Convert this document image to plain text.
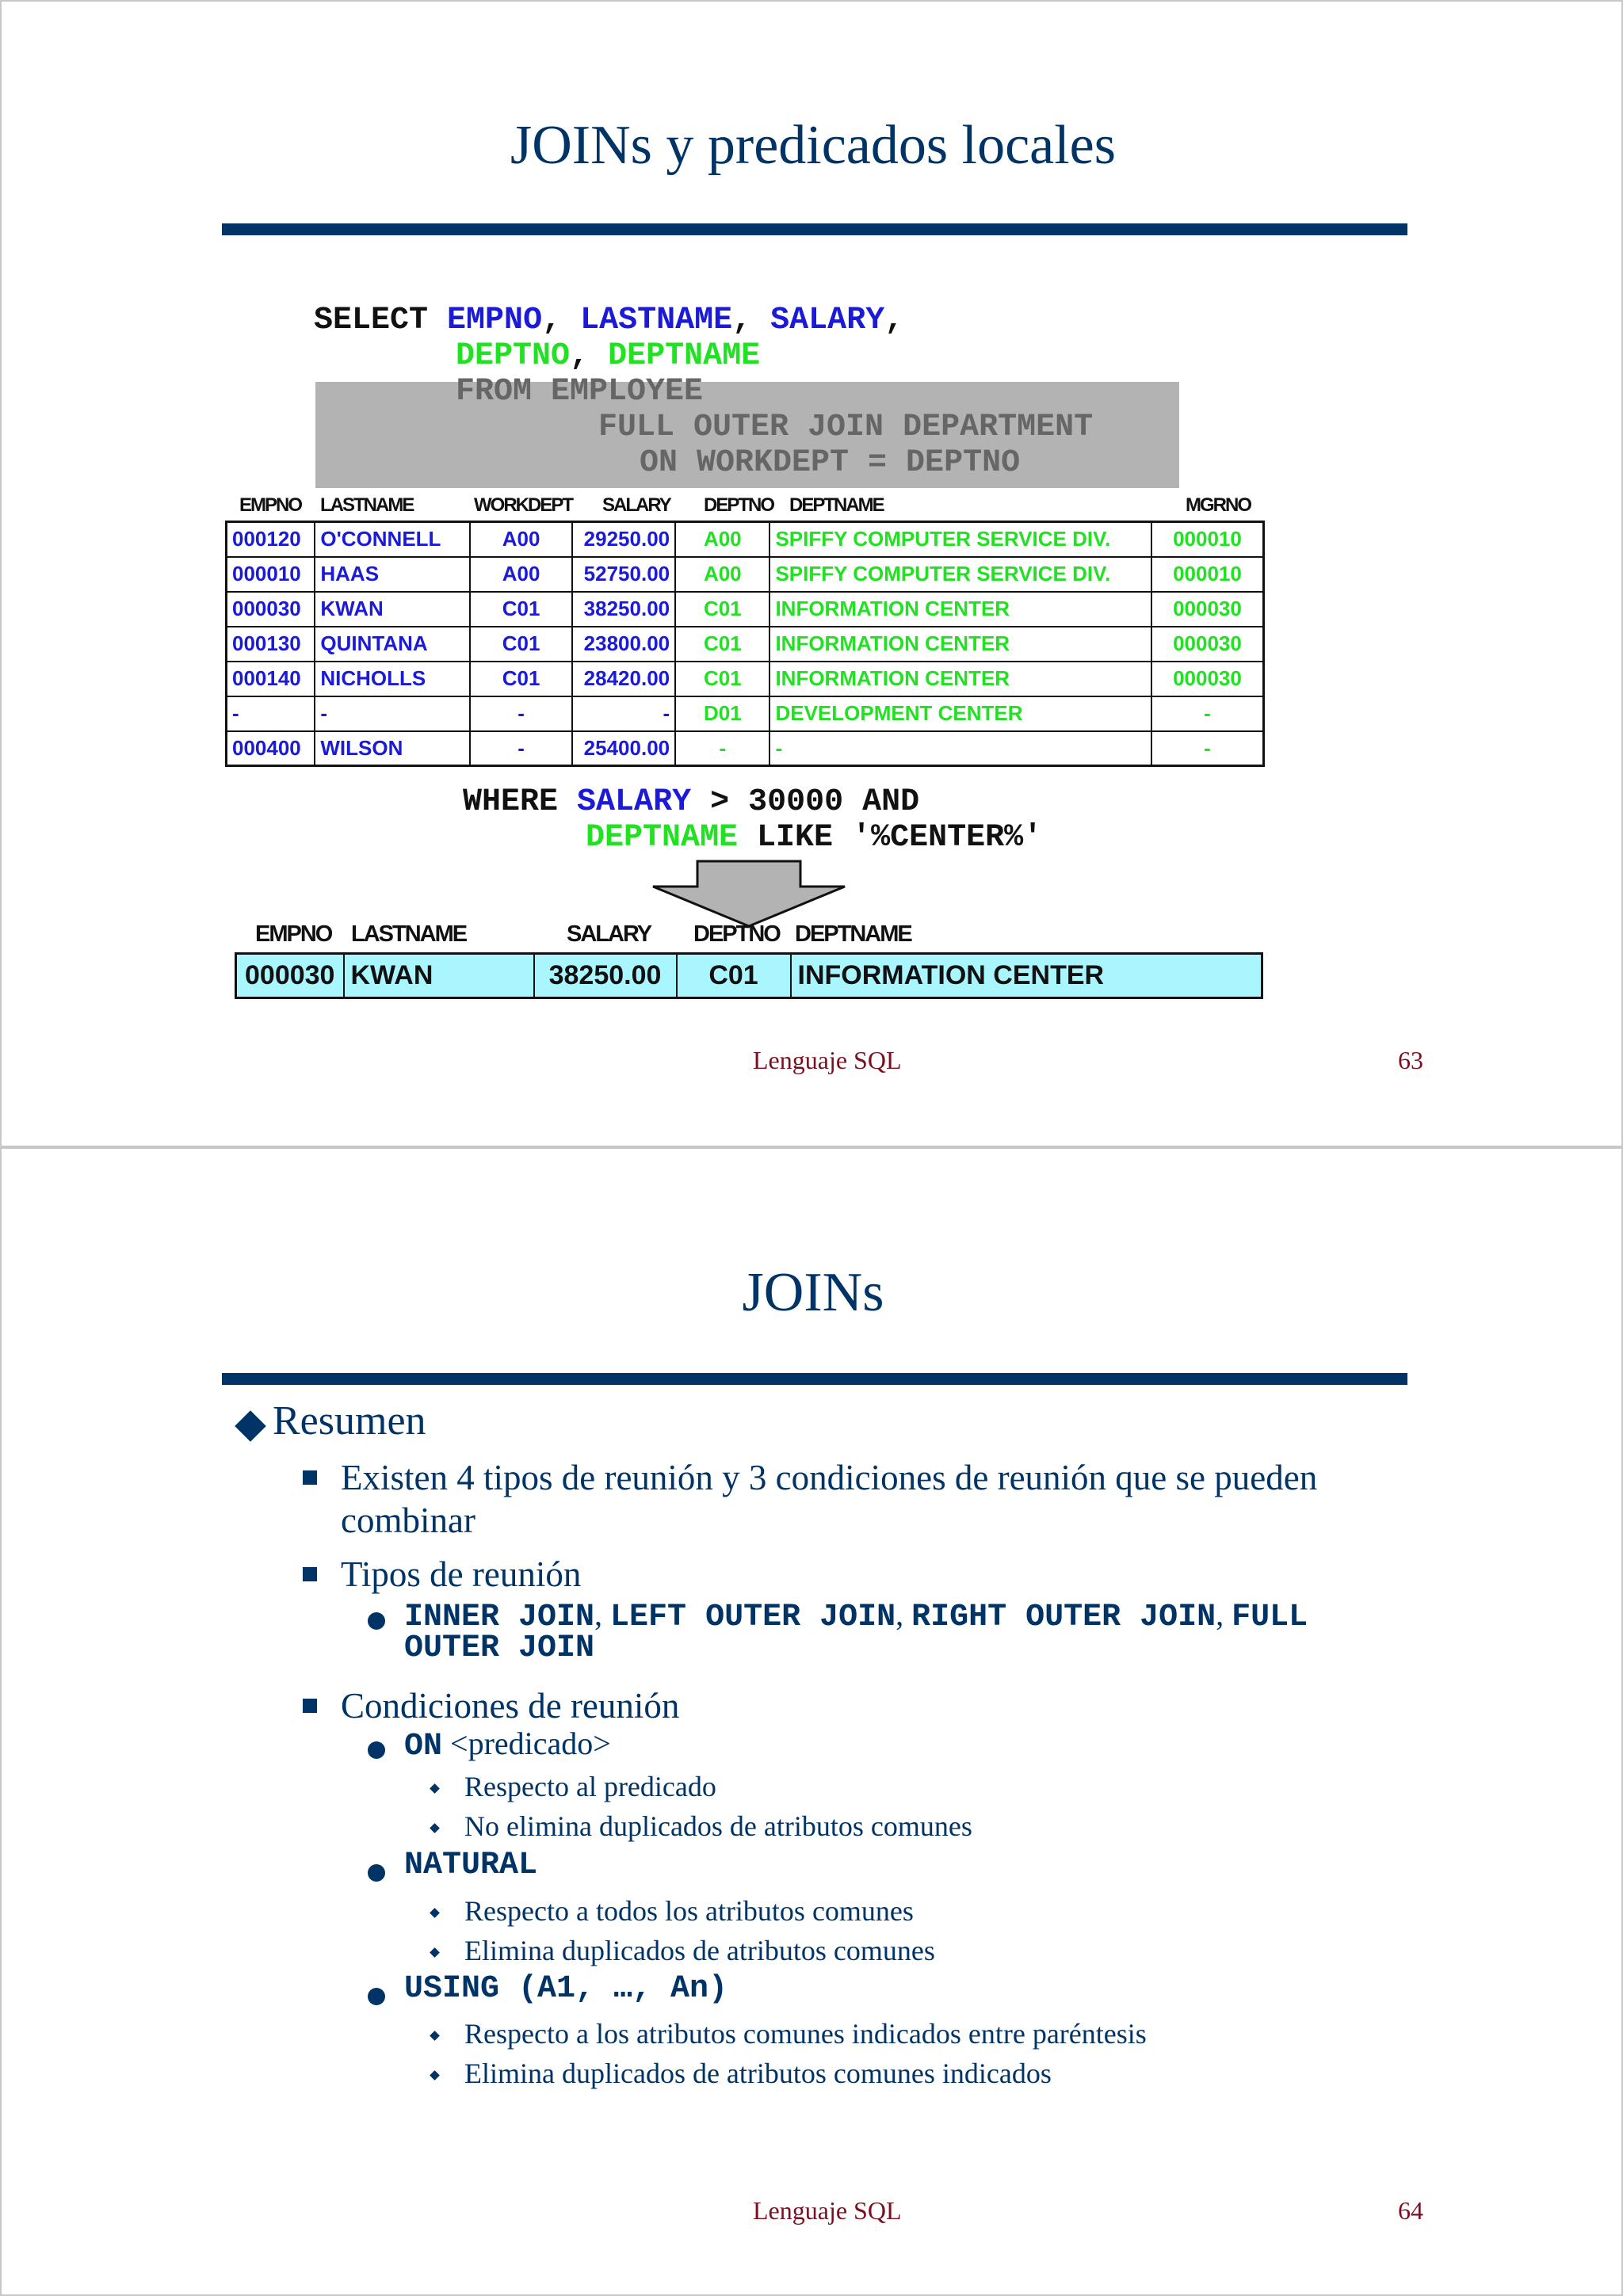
JOINs y predicados locales
SELECT EMPNO, LASTNAME, SALARY,
DEPTNO, DEPTNAME
FROM EMPLOYEE
FULL OUTER JOIN DEPARTMENT
ON WORKDEPT = DEPTNO
EMPNO LASTNAME	WORKDEPT SALARY DEPTNO DEPTNAME	MGRNO
000120	O'CONNELL	A00	29250.00	A00	SPIFFY COMPUTER SERVICE DIV.	000010
000010	HAAS	A00	52750.00	A00	SPIFFY COMPUTER SERVICE DIV.	000010
000030	KWAN	C01	38250.00	C01	INFORMATION CENTER	000030
000130	QUINTANA	C01	23800.00	C01	INFORMATION CENTER	000030
000140	NICHOLLS	C01	28420.00	C01	INFORMATION CENTER	000030
-	-	-	-	D01	DEVELOPMENT CENTER	-
000400	WILSON	-	25400.00	-	-	-
WHERE SALARY > 30000 AND
DEPTNAME LIKE '%CENTER%'
EMPNO LASTNAME	SALARY DEPTNO DEPTNAME
000030	KWAN	38250.00	C01	INFORMATION CENTER
Lenguaje SQL	63
JOINs
Resumen
Existen 4 tipos de reunión y 3 condiciones de reunión que se pueden
combinar
Tipos de reunión
INNER JOIN, LEFT OUTER JOIN, RIGHT OUTER JOIN, FULL
OUTER JOIN
Condiciones de reunión
ON <predicado>
Respecto al predicado
No elimina duplicados de atributos comunes
NATURAL
Respecto a todos los atributos comunes
Elimina duplicados de atributos comunes
USING (A1, …, An)
Respecto a los atributos comunes indicados entre paréntesis
Elimina duplicados de atributos comunes indicados
Lenguaje SQL	64
